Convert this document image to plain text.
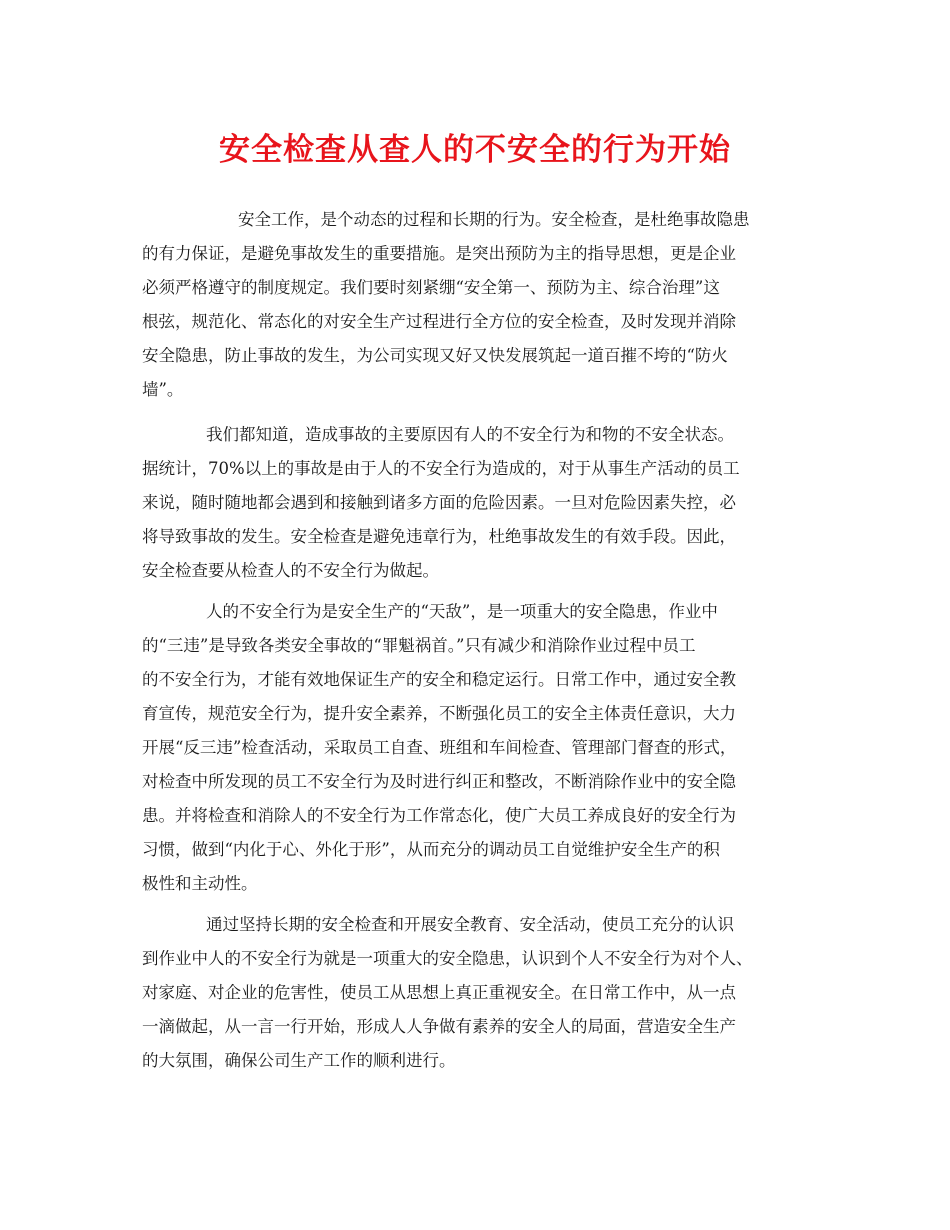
安全检查从查人的不安全的行为开始

安全工作，是个动态的过程和长期的行为。安全检查，是杜绝事故隐患

的有力保证，是避免事故发生的重要措施。是突出预防为主的指导思想，更是企业

必须严格遵守的制度规定。我们要时刻紧绷“安全第一、预防为主、综合治理”这

根弦，规范化、常态化的对安全生产过程进行全方位的安全检查，及时发现并消除

安全隐患，防止事故的发生，为公司实现又好又快发展筑起一道百摧不垮的“防火

墙”。

我们都知道，造成事故的主要原因有人的不安全行为和物的不安全状态。

据统计，70%以上的事故是由于人的不安全行为造成的，对于从事生产活动的员工

来说，随时随地都会遇到和接触到诸多方面的危险因素。一旦对危险因素失控，必

将导致事故的发生。安全检查是避免违章行为，杜绝事故发生的有效手段。因此，

安全检查要从检查人的不安全行为做起。

人的不安全行为是安全生产的“天敌”，是一项重大的安全隐患，作业中

的“三违”是导致各类安全事故的“罪魁祸首。”只有减少和消除作业过程中员工

的不安全行为，才能有效地保证生产的安全和稳定运行。日常工作中，通过安全教

育宣传，规范安全行为，提升安全素养，不断强化员工的安全主体责任意识，大力

开展“反三违”检查活动，采取员工自查、班组和车间检查、管理部门督查的形式，

对检查中所发现的员工不安全行为及时进行纠正和整改，不断消除作业中的安全隐

患。并将检查和消除人的不安全行为工作常态化，使广大员工养成良好的安全行为

习惯，做到“内化于心、外化于形”，从而充分的调动员工自觉维护安全生产的积

极性和主动性。

通过坚持长期的安全检查和开展安全教育、安全活动，使员工充分的认识

到作业中人的不安全行为就是一项重大的安全隐患，认识到个人不安全行为对个人、

对家庭、对企业的危害性，使员工从思想上真正重视安全。在日常工作中，从一点

一滴做起，从一言一行开始，形成人人争做有素养的安全人的局面，营造安全生产

的大氛围，确保公司生产工作的顺利进行。
